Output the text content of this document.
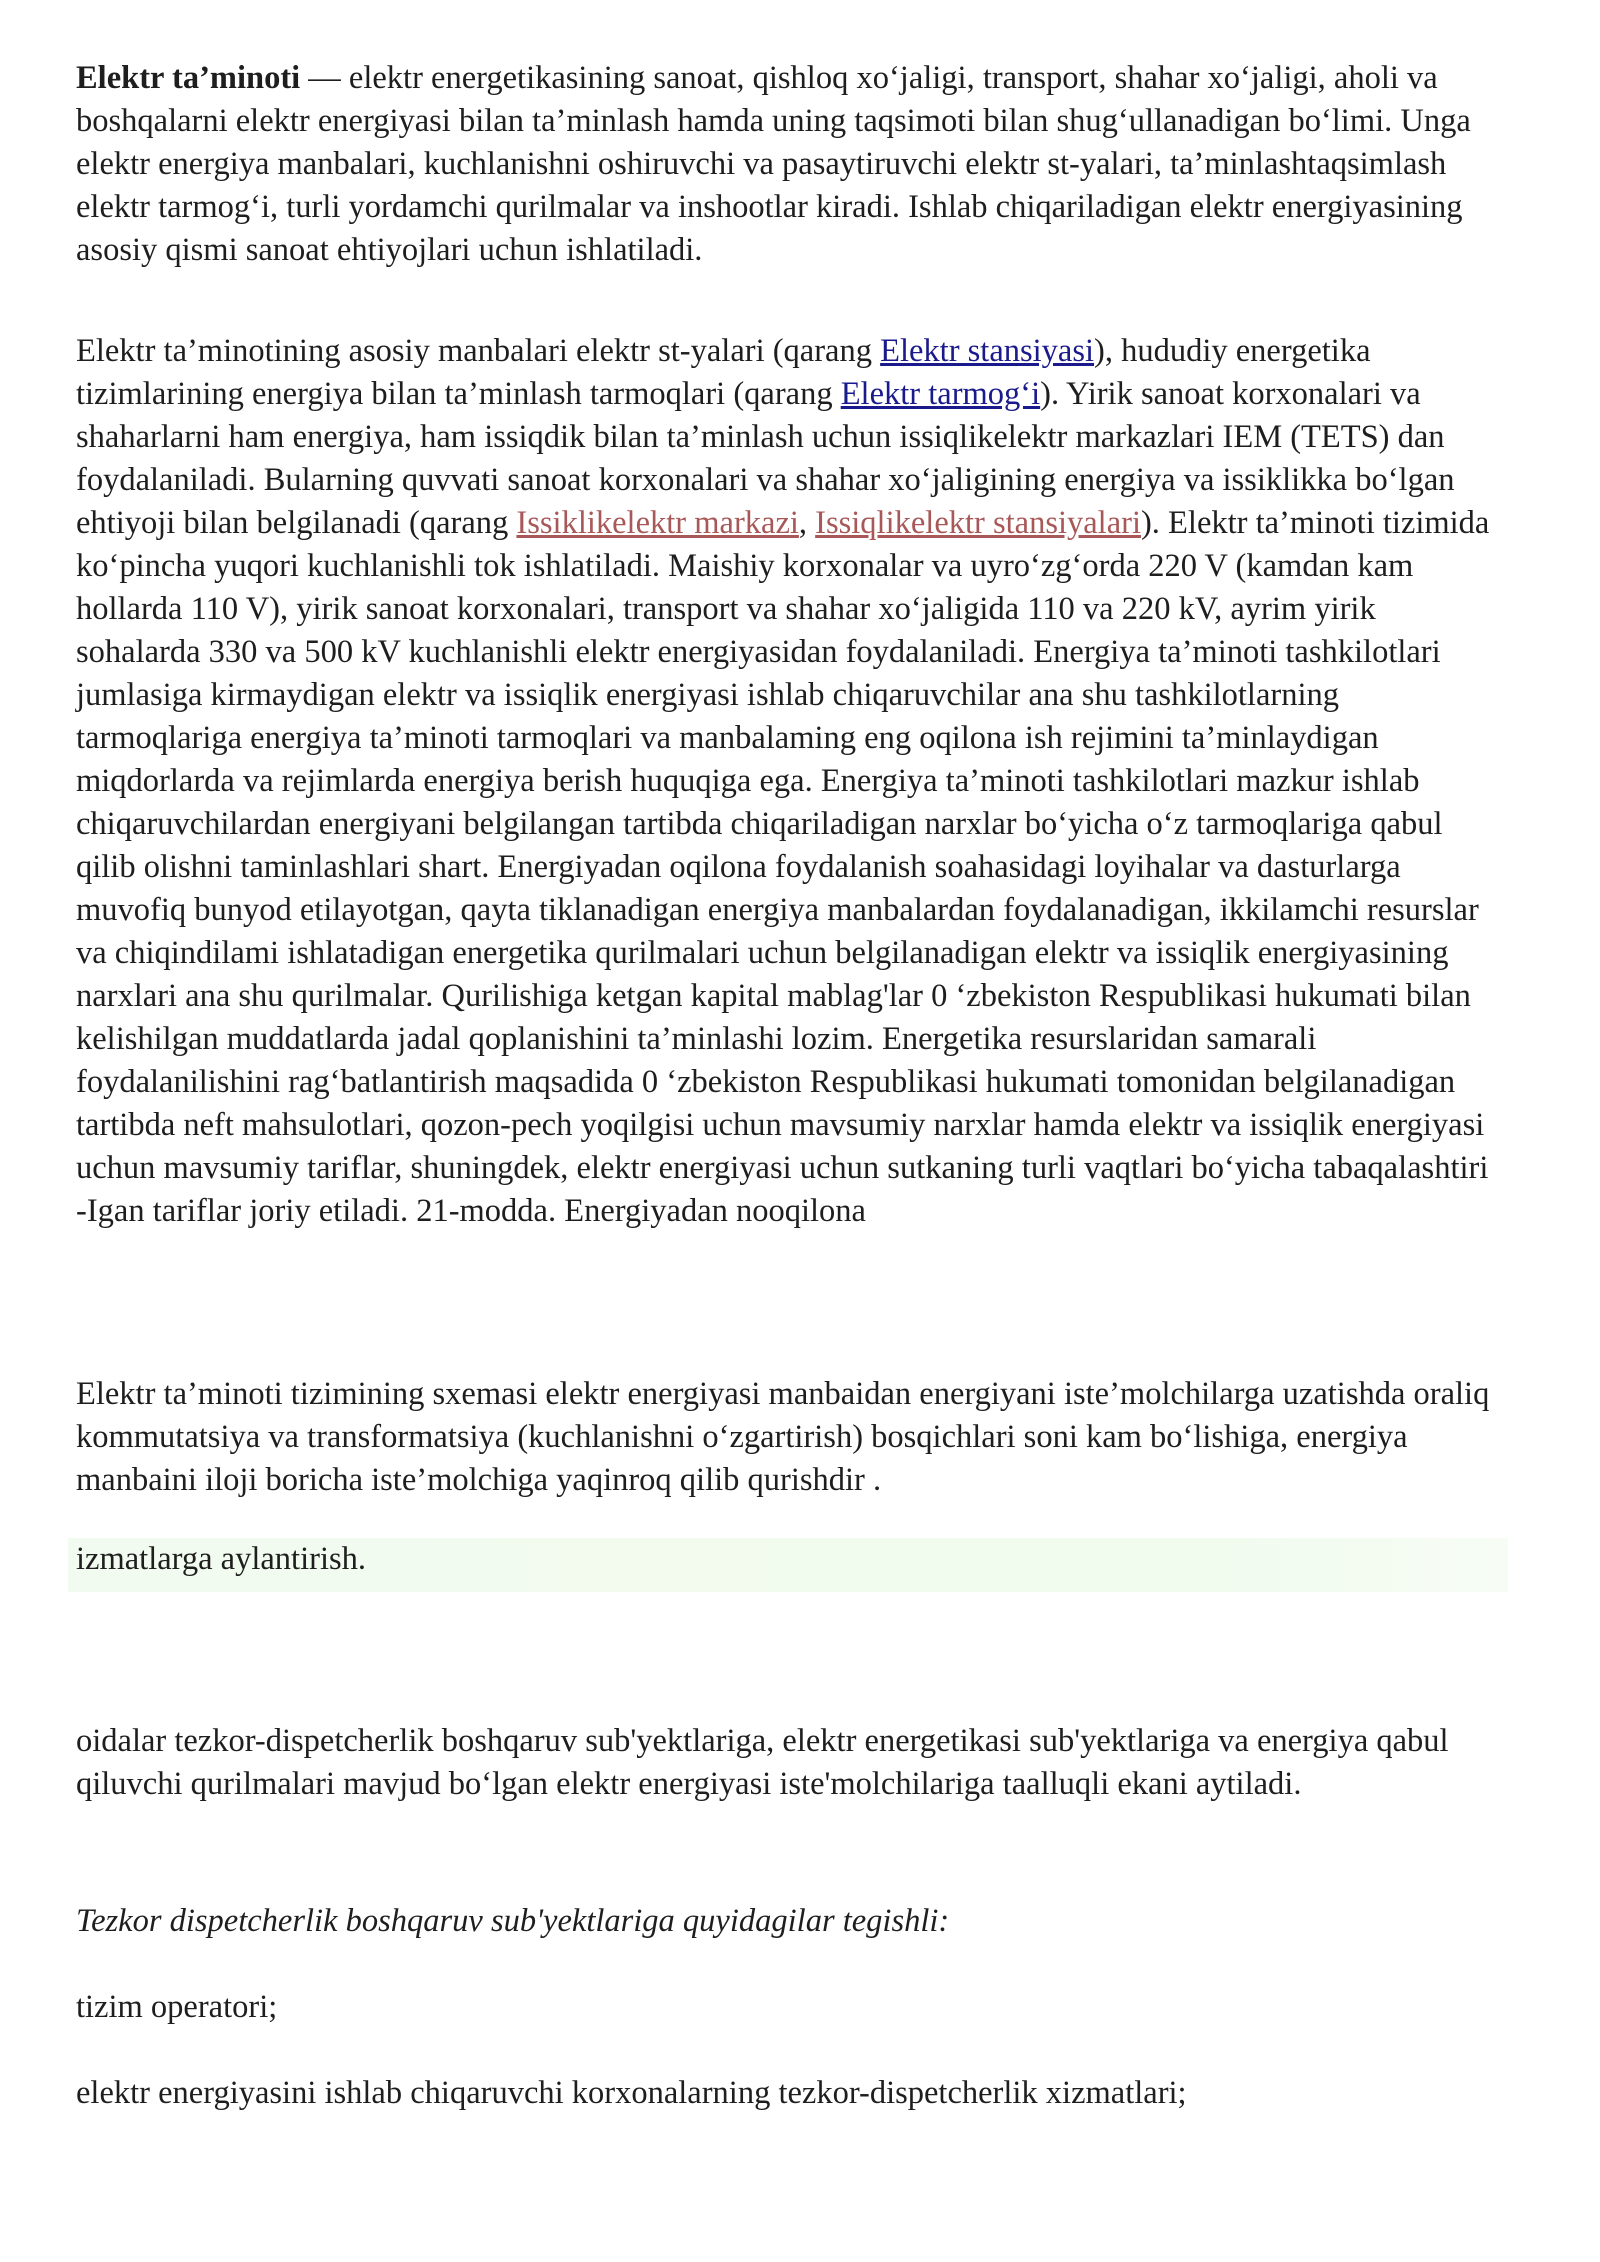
Elektr ta’minoti — elektr energetikasining sanoat, qishloq xo‘jaligi, transport, shahar xo‘jaligi, aholi va boshqalarni elektr energiyasi bilan ta’minlash hamda uning taqsimoti bilan shug‘ullanadigan bo‘limi. Unga elektr energiya manbalari, kuchlanishni oshiruvchi va pasaytiruvchi elektr st-yalari, ta’minlashtaqsimlash elektr tarmog‘i, turli yordamchi qurilmalar va inshootlar kiradi. Ishlab chiqariladigan elektr energiyasining asosiy qismi sanoat ehtiyojlari uchun ishlatiladi.

Elektr ta’minotining asosiy manbalari elektr st-yalari (qarang Elektr stansiyasi), hududiy energetika tizimlarining energiya bilan ta’minlash tarmoqlari (qarang Elektr tarmog‘i). Yirik sanoat korxonalari va shaharlarni ham energiya, ham issiqdik bilan ta’minlash uchun issiqlikelektr markazlari IEM (TETS) dan foydalaniladi. Bularning quvvati sanoat korxonalari va shahar xo‘jaligining energiya va issiklikka bo‘lgan ehtiyoji bilan belgilanadi (qarang Issiklikelektr markazi, Issiqlikelektr stansiyalari). Elektr ta’minoti tizimida ko‘pincha yuqori kuchlanishli tok ishlatiladi. Maishiy korxonalar va uyro‘zg‘orda 220 V (kamdan kam hollarda 110 V), yirik sanoat korxonalari, transport va shahar xo‘jaligida 110 va 220 kV, ayrim yirik sohalarda 330 va 500 kV kuchlanishli elektr energiyasidan foydalaniladi. Energiya ta’minoti tashkilotlari jumlasiga kirmaydigan elektr va issiqlik energiyasi ishlab chiqaruvchilar ana shu tashkilotlarning tarmoqlariga energiya ta’minoti tarmoqlari va manbalaming eng oqilona ish rejimini ta’minlaydigan miqdorlarda va rejimlarda energiya berish huquqiga ega. Energiya ta’minoti tashkilotlari mazkur ishlab chiqaruvchilardan energiyani belgilangan tartibda chiqariladigan narxlar bo‘yicha o‘z tarmoqlariga qabul qilib olishni taminlashlari shart. Energiyadan oqilona foydalanish soahasidagi loyihalar va dasturlarga muvofiq bunyod etilayotgan, qayta tiklanadigan energiya manbalardan foydalanadigan, ikkilamchi resurslar va chiqindilami ishlatadigan energetika qurilmalari uchun belgilanadigan elektr va issiqlik energiyasining narxlari ana shu qurilmalar. Qurilishiga ketgan kapital mablag'lar 0 ‘zbekiston Respublikasi hukumati bilan kelishilgan muddatlarda jadal qoplanishini ta’minlashi lozim. Energetika resurslaridan samarali foydalanilishini rag‘batlantirish maqsadida 0 ‘zbekiston Respublikasi hukumati tomonidan belgilanadigan tartibda neft mahsulotlari, qozon-pech yoqilgisi uchun mavsumiy narxlar hamda elektr va issiqlik energiyasi uchun mavsumiy tariflar, shuningdek, elektr energiyasi uchun sutkaning turli vaqtlari bo‘yicha tabaqalashtiri -Igan tariflar joriy etiladi. 21-modda. Energiyadan nooqilona

Elektr ta’minoti tizimining sxemasi elektr energiyasi manbaidan energiyani iste’molchilarga uzatishda oraliq kommutatsiya va transformatsiya (kuchlanishni o‘zgartirish) bosqichlari soni kam bo‘lishiga, energiya manbaini iloji boricha iste’molchiga yaqinroq qilib qurishdir .

izmatlarga aylantirish.

oidalar tezkor-dispetcherlik boshqaruv sub'yektlariga, elektr energetikasi sub'yektlariga va energiya qabul qiluvchi qurilmalari mavjud bo‘lgan elektr energiyasi iste'molchilariga taalluqli ekani aytiladi.

Tezkor dispetcherlik boshqaruv sub'yektlariga quyidagilar tegishli:

tizim operatori;

elektr energiyasini ishlab chiqaruvchi korxonalarning tezkor-dispetcherlik xizmatlari;
